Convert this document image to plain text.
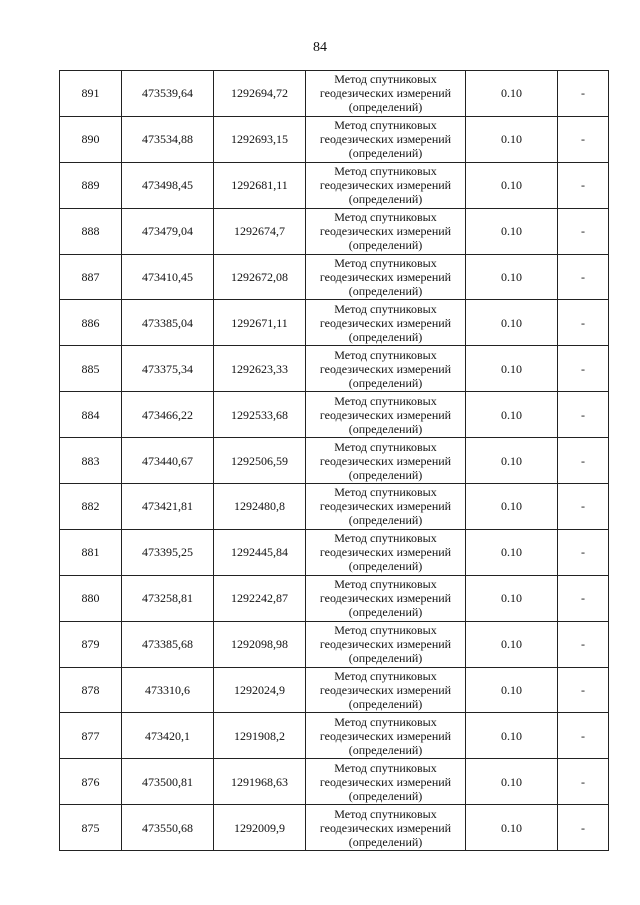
84
891	473539,64	1292694,72	Метод спутниковых
геодезических измерений
(определений)	0.10	-
890	473534,88	1292693,15	Метод спутниковых
геодезических измерений
(определений)	0.10	-
889	473498,45	1292681,11	Метод спутниковых
геодезических измерений
(определений)	0.10	-
888	473479,04	1292674,7	Метод спутниковых
геодезических измерений
(определений)	0.10	-
887	473410,45	1292672,08	Метод спутниковых
геодезических измерений
(определений)	0.10	-
886	473385,04	1292671,11	Метод спутниковых
геодезических измерений
(определений)	0.10	-
885	473375,34	1292623,33	Метод спутниковых
геодезических измерений
(определений)	0.10	-
884	473466,22	1292533,68	Метод спутниковых
геодезических измерений
(определений)	0.10	-
883	473440,67	1292506,59	Метод спутниковых
геодезических измерений
(определений)	0.10	-
882	473421,81	1292480,8	Метод спутниковых
геодезических измерений
(определений)	0.10	-
881	473395,25	1292445,84	Метод спутниковых
геодезических измерений
(определений)	0.10	-
880	473258,81	1292242,87	Метод спутниковых
геодезических измерений
(определений)	0.10	-
879	473385,68	1292098,98	Метод спутниковых
геодезических измерений
(определений)	0.10	-
878	473310,6	1292024,9	Метод спутниковых
геодезических измерений
(определений)	0.10	-
877	473420,1	1291908,2	Метод спутниковых
геодезических измерений
(определений)	0.10	-
876	473500,81	1291968,63	Метод спутниковых
геодезических измерений
(определений)	0.10	-
875	473550,68	1292009,9	Метод спутниковых
геодезических измерений
(определений)	0.10	-
